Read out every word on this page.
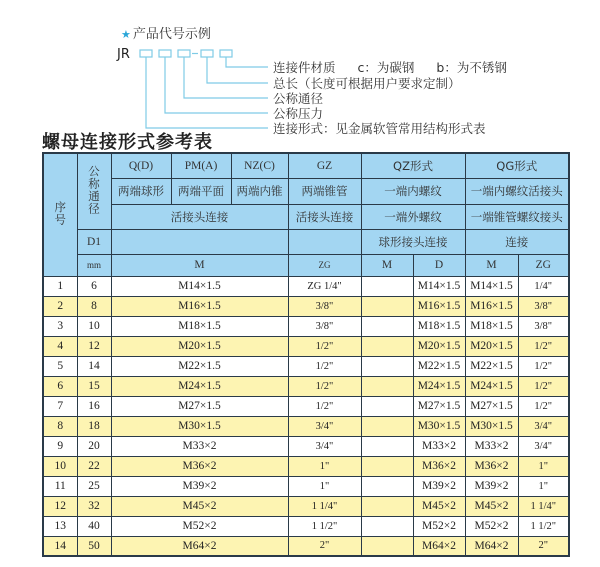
★ 产品代号示例
JR
连接件材质 c：为碳钢 b：为不锈钢
总长（长度可根据用户要求定制）
公称通径
公称压力
连接形式：见金属软管常用结构形式表
螺母连接形式参考表
序号	公称通径	Q(D)	PM(A)	NZ(C)	GZ	QZ形式		QG形式	
		两端球形	两端平面	两端内锥	两端锥管	一端内螺纹		一端内螺纹活接头	
		活接头连接			活接头连接	一端外螺纹		一端锥管螺纹接头	
	D1					球形接头连接		连接	
	mm	M			ZG	M	D	M	ZG
1	6	M14×1.5			ZG 1/4"		M14×1.5	M14×1.5	1/4"
2	8	M16×1.5			3/8"		M16×1.5	M16×1.5	3/8"
3	10	M18×1.5			3/8"		M18×1.5	M18×1.5	3/8"
4	12	M20×1.5			1/2"		M20×1.5	M20×1.5	1/2"
5	14	M22×1.5			1/2"		M22×1.5	M22×1.5	1/2"
6	15	M24×1.5			1/2"		M24×1.5	M24×1.5	1/2"
7	16	M27×1.5			1/2"		M27×1.5	M27×1.5	1/2"
8	18	M30×1.5			3/4"		M30×1.5	M30×1.5	3/4"
9	20	M33×2			3/4"		M33×2	M33×2	3/4"
10	22	M36×2			1"		M36×2	M36×2	1"
11	25	M39×2			1"		M39×2	M39×2	1"
12	32	M45×2			1 1/4"		M45×2	M45×2	1 1/4"
13	40	M52×2			1 1/2"		M52×2	M52×2	1 1/2"
14	50	M64×2			2"		M64×2	M64×2	2"
